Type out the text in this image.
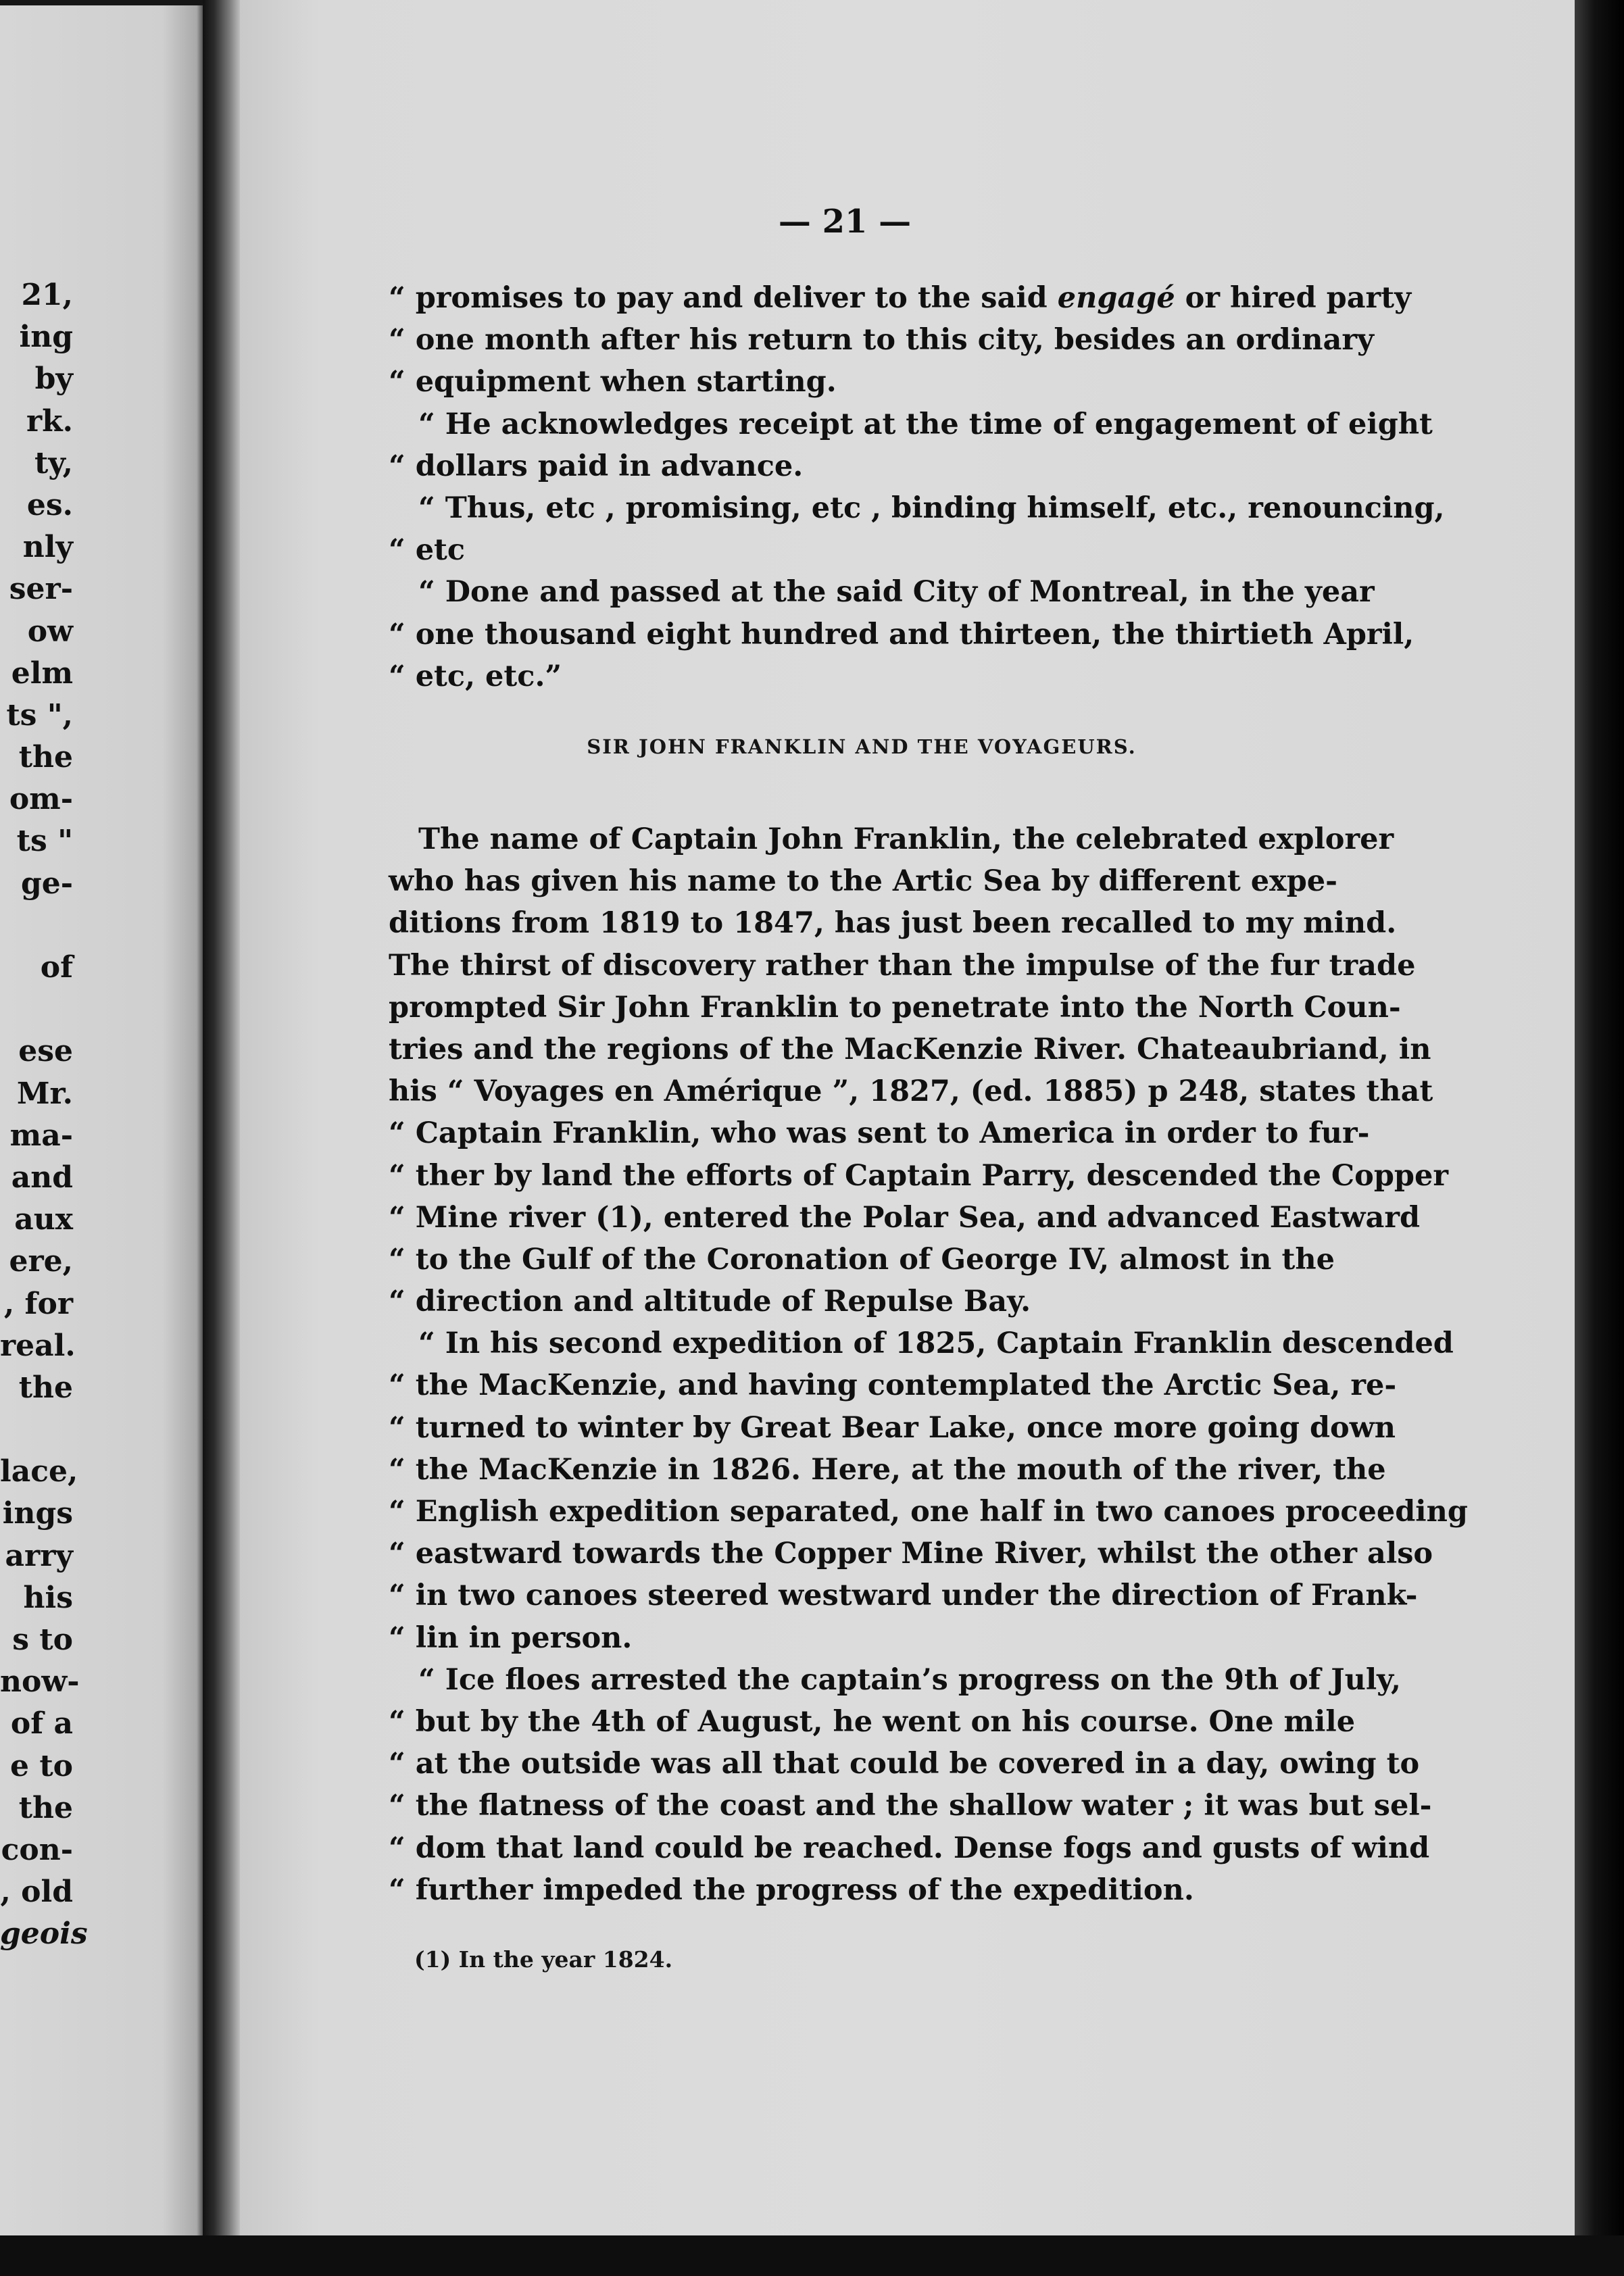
21,
ing
by
rk.
ty,
es.
nly
ser-
ow
elm
ts ",
the
om-
ts "
ge-
of
ese
Mr.
ma-
and
aux
ere,
, for
real.
the
lace,
ings
arry
his
s to
now-
of a
e to
the
con-
, old
geois
— 21 —
“ promises to pay and deliver to the said engagé or hired party
“ one month after his return to this city, besides an ordinary
“ equipment when starting.
“ He acknowledges receipt at the time of engagement of eight
“ dollars paid in advance.
“ Thus, etc , promising, etc , binding himself, etc., renouncing,
“ etc
“ Done and passed at the said City of Montreal, in the year
“ one thousand eight hundred and thirteen, the thirtieth April,
“ etc, etc.”
SIR JOHN FRANKLIN AND THE VOYAGEURS.
The name of Captain John Franklin, the celebrated explorer
who has given his name to the Artic Sea by different expe-
ditions from 1819 to 1847, has just been recalled to my mind.
The thirst of discovery rather than the impulse of the fur trade
prompted Sir John Franklin to penetrate into the North Coun-
tries and the regions of the MacKenzie River. Chateaubriand, in
his “ Voyages en Amérique ”, 1827, (ed. 1885) p 248, states that
“ Captain Franklin, who was sent to America in order to fur-
“ ther by land the efforts of Captain Parry, descended the Copper
“ Mine river (1), entered the Polar Sea, and advanced Eastward
“ to the Gulf of the Coronation of George IV, almost in the
“ direction and altitude of Repulse Bay.
“ In his second expedition of 1825, Captain Franklin descended
“ the MacKenzie, and having contemplated the Arctic Sea, re-
“ turned to winter by Great Bear Lake, once more going down
“ the MacKenzie in 1826. Here, at the mouth of the river, the
“ English expedition separated, one half in two canoes proceeding
“ eastward towards the Copper Mine River, whilst the other also
“ in two canoes steered westward under the direction of Frank-
“ lin in person.
“ Ice floes arrested the captain’s progress on the 9th of July,
“ but by the 4th of August, he went on his course. One mile
“ at the outside was all that could be covered in a day, owing to
“ the flatness of the coast and the shallow water ; it was but sel-
“ dom that land could be reached. Dense fogs and gusts of wind
“ further impeded the progress of the expedition.
(1) In the year 1824.
